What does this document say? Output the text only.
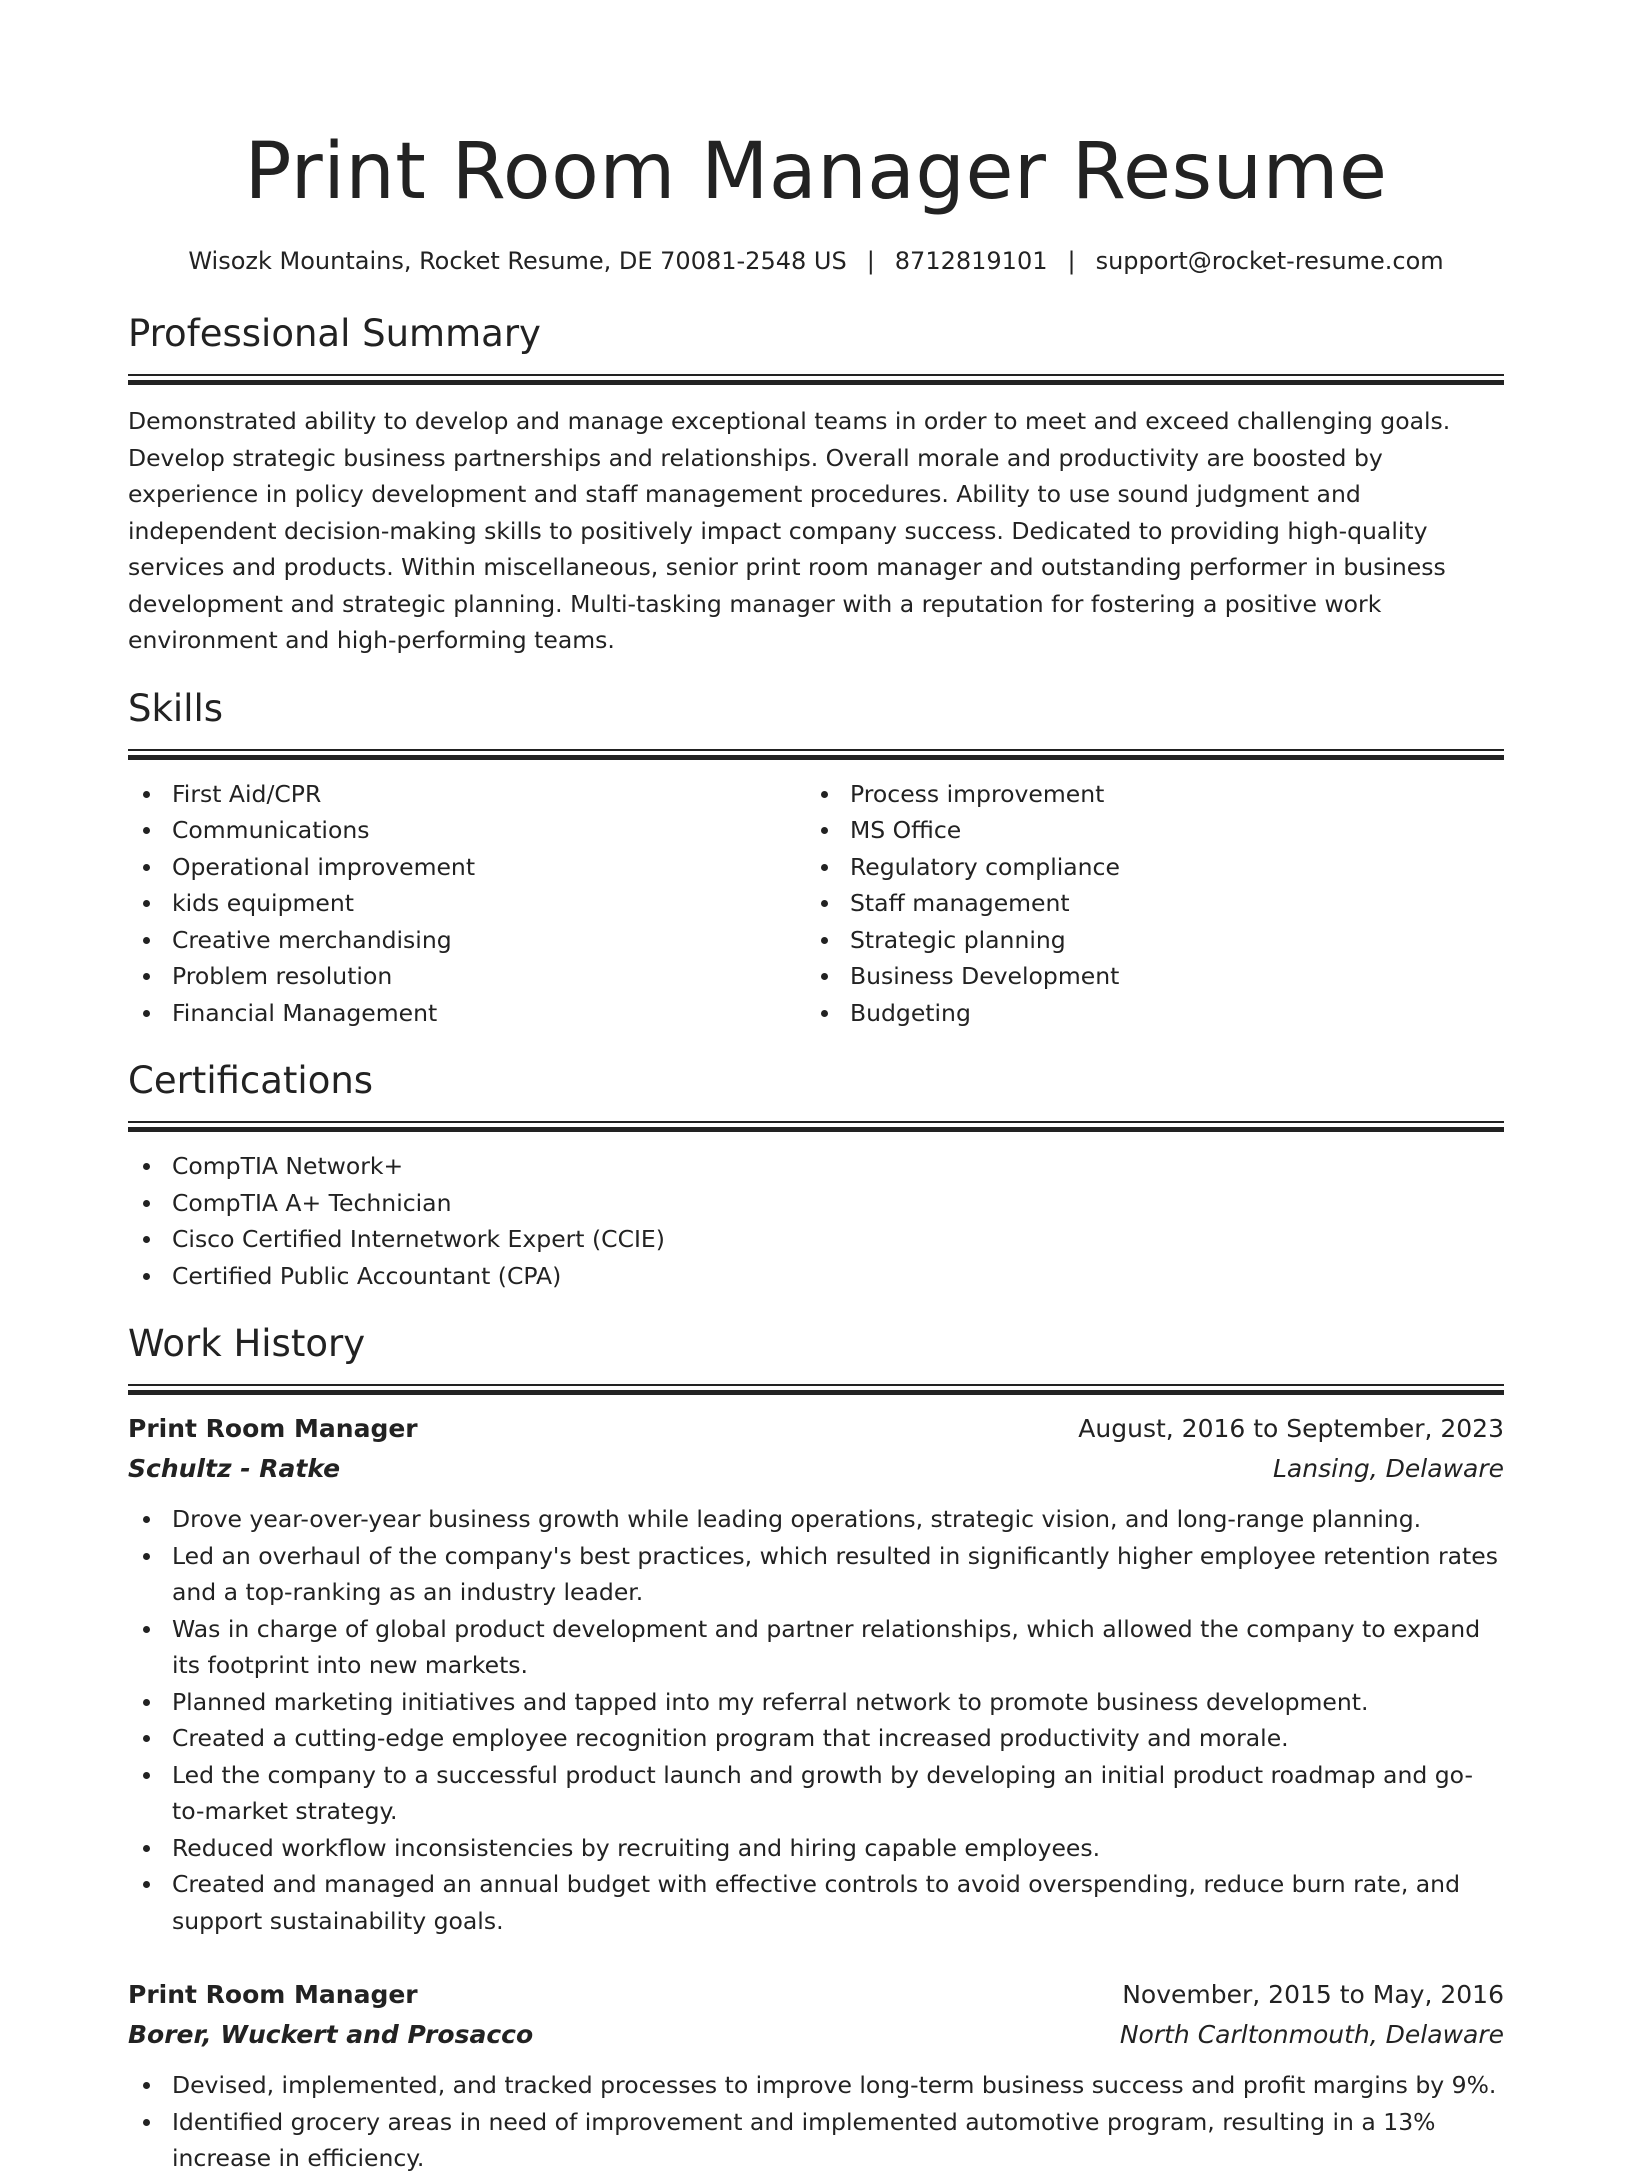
Print Room Manager Resume
Wisozk Mountains, Rocket Resume, DE 70081-2548 US | 8712819101 | support@rocket-resume.com
Professional Summary
Demonstrated ability to develop and manage exceptional teams in order to meet and exceed challenging goals. Develop strategic business partnerships and relationships. Overall morale and productivity are boosted by experience in policy development and staff management procedures. Ability to use sound judgment and independent decision-making skills to positively impact company success. Dedicated to providing high-quality services and products. Within miscellaneous, senior print room manager and outstanding performer in business development and strategic planning. Multi-tasking manager with a reputation for fostering a positive work environment and high-performing teams.
Skills
First Aid/CPR
Communications
Operational improvement
kids equipment
Creative merchandising
Problem resolution
Financial Management
Process improvement
MS Office
Regulatory compliance
Staff management
Strategic planning
Business Development
Budgeting
Certifications
CompTIA Network+
CompTIA A+ Technician
Cisco Certified Internetwork Expert (CCIE)
Certified Public Accountant (CPA)
Work History
Print Room Manager	August, 2016 to September, 2023
Schultz - Ratke	Lansing, Delaware
Drove year-over-year business growth while leading operations, strategic vision, and long-range planning.
Led an overhaul of the company's best practices, which resulted in significantly higher employee retention rates and a top-ranking as an industry leader.
Was in charge of global product development and partner relationships, which allowed the company to expand its footprint into new markets.
Planned marketing initiatives and tapped into my referral network to promote business development.
Created a cutting-edge employee recognition program that increased productivity and morale.
Led the company to a successful product launch and growth by developing an initial product roadmap and go-to-market strategy.
Reduced workflow inconsistencies by recruiting and hiring capable employees.
Created and managed an annual budget with effective controls to avoid overspending, reduce burn rate, and support sustainability goals.
Print Room Manager	November, 2015 to May, 2016
Borer, Wuckert and Prosacco	North Carltonmouth, Delaware
Devised, implemented, and tracked processes to improve long-term business success and profit margins by 9%.
Identified grocery areas in need of improvement and implemented automotive program, resulting in a 13% increase in efficiency.
